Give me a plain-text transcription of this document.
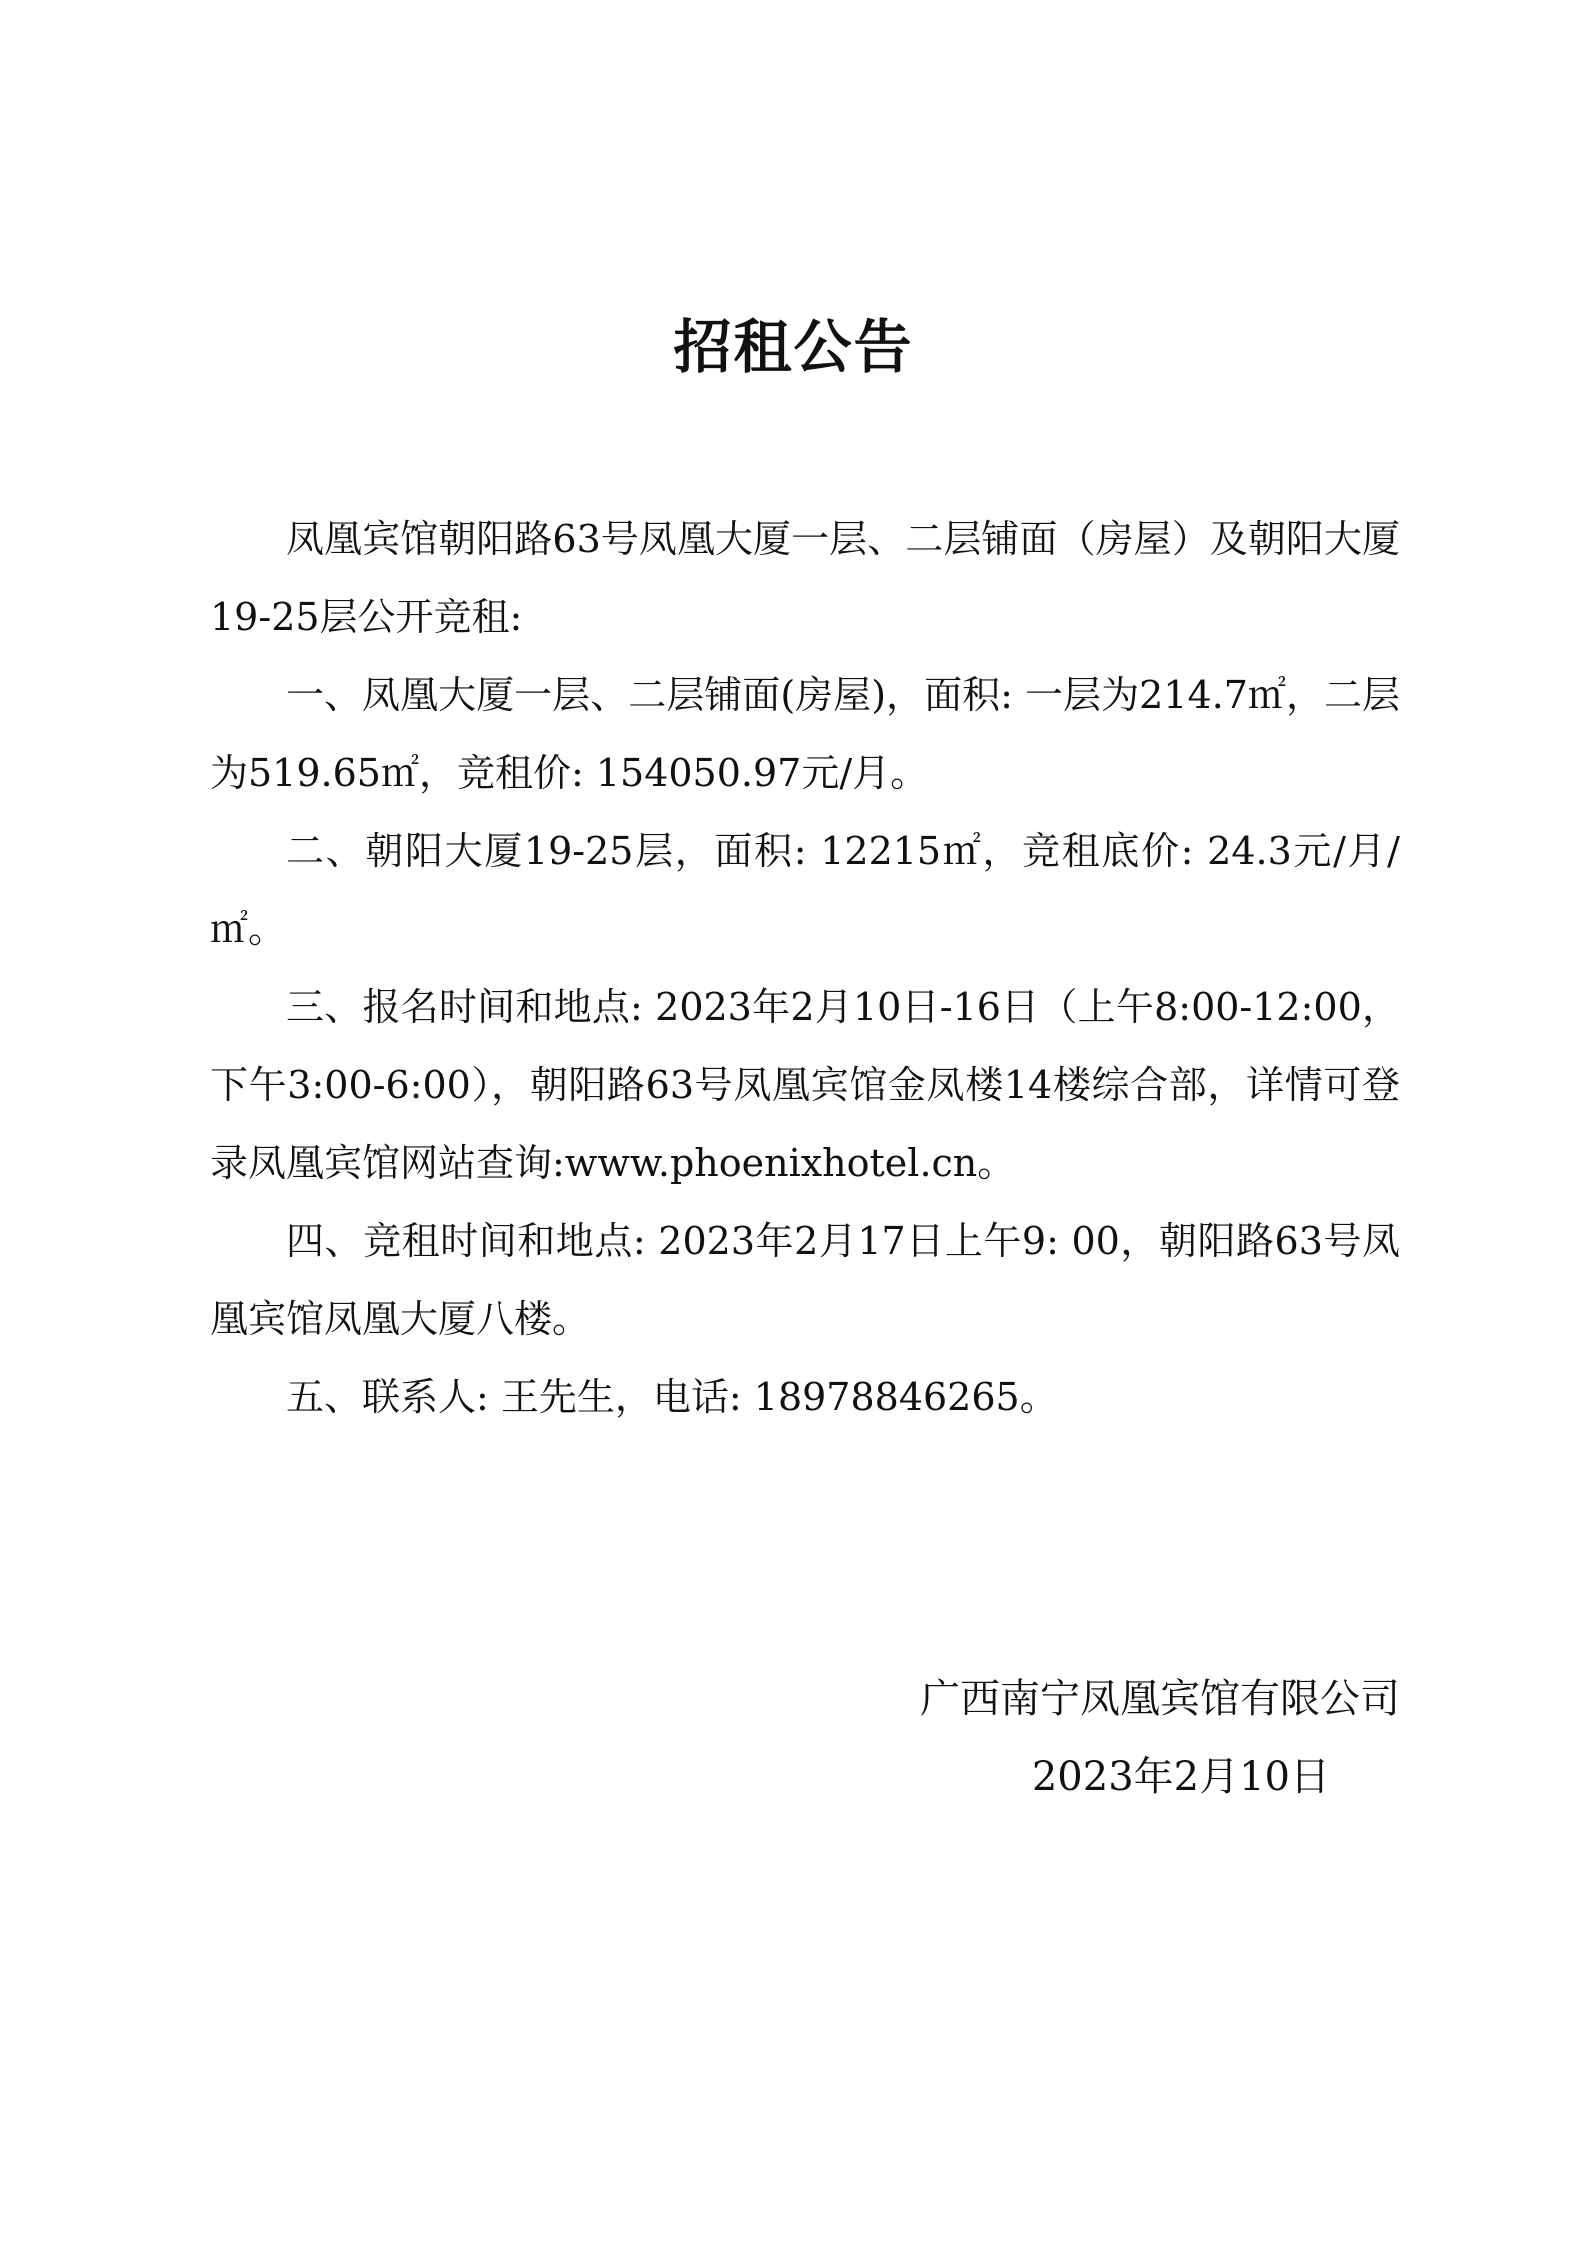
招租公告

凤凰宾馆朝阳路63号凤凰大厦一层、二层铺面（房屋）及朝阳大厦19-25层公开竞租:

一、凤凰大厦一层、二层铺面(房屋)，面积: 一层为214.7㎡，二层为519.65㎡，竞租价: 154050.97元/月。

二、朝阳大厦19-25层，面积: 12215㎡，竞租底价: 24.3元/月/㎡。

三、报名时间和地点: 2023年2月10日-16日（上午8:00-12:00，下午3:00-6:00），朝阳路63号凤凰宾馆金凤楼14楼综合部，详情可登录凤凰宾馆网站查询:www.phoenixhotel.cn。

四、竞租时间和地点: 2023年2月17日上午9: 00，朝阳路63号凤凰宾馆凤凰大厦八楼。

五、联系人: 王先生，电话: 18978846265。

广西南宁凤凰宾馆有限公司
2023年2月10日
